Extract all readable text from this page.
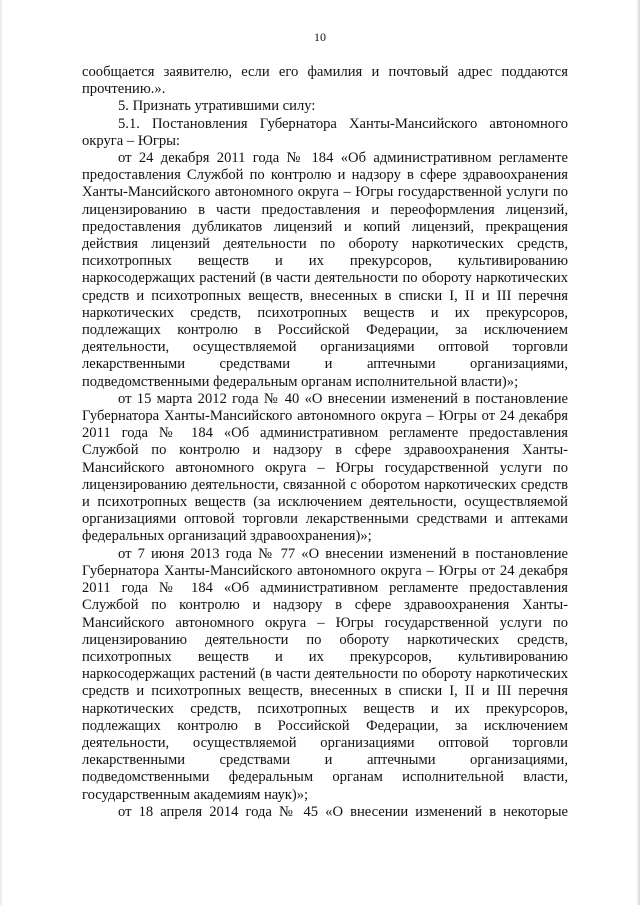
10

сообщается заявителю, если его фамилия и почтовый адрес поддаются прочтению.».

5. Признать утратившими силу:

5.1. Постановления Губернатора Ханты-Мансийского автономного округа – Югры:

от 24 декабря 2011 года № 184 «Об административном регламенте предоставления Службой по контролю и надзору в сфере здравоохранения Ханты-Мансийского автономного округа – Югры государственной услуги по лицензированию в части предоставления и переоформления лицензий, предоставления дубликатов лицензий и копий лицензий, прекращения действия лицензий деятельности по обороту наркотических средств, психотропных веществ и их прекурсоров, культивированию наркосодержащих растений (в части деятельности по обороту наркотических средств и психотропных веществ, внесенных в списки I, II и III перечня наркотических средств, психотропных веществ и их прекурсоров, подлежащих контролю в Российской Федерации, за исключением деятельности, осуществляемой организациями оптовой торговли лекарственными средствами и аптечными организациями, подведомственными федеральным органам исполнительной власти)»;

от 15 марта 2012 года № 40 «О внесении изменений в постановление Губернатора Ханты-Мансийского автономного округа – Югры от 24 декабря 2011 года № 184 «Об административном регламенте предоставления Службой по контролю и надзору в сфере здравоохранения Ханты-Мансийского автономного округа – Югры государственной услуги по лицензированию деятельности, связанной с оборотом наркотических средств и психотропных веществ (за исключением деятельности, осуществляемой организациями оптовой торговли лекарственными средствами и аптеками федеральных организаций здравоохранения)»;

от 7 июня 2013 года № 77 «О внесении изменений в постановление Губернатора Ханты-Мансийского автономного округа – Югры от 24 декабря 2011 года № 184 «Об административном регламенте предоставления Службой по контролю и надзору в сфере здравоохранения Ханты-Мансийского автономного округа – Югры государственной услуги по лицензированию деятельности по обороту наркотических средств, психотропных веществ и их прекурсоров, культивированию наркосодержащих растений (в части деятельности по обороту наркотических средств и психотропных веществ, внесенных в списки I, II и III перечня наркотических средств, психотропных веществ и их прекурсоров, подлежащих контролю в Российской Федерации, за исключением деятельности, осуществляемой организациями оптовой торговли лекарственными средствами и аптечными организациями, подведомственными федеральным органам исполнительной власти, государственным академиям наук)»;

от 18 апреля 2014 года № 45 «О внесении изменений в некоторые
